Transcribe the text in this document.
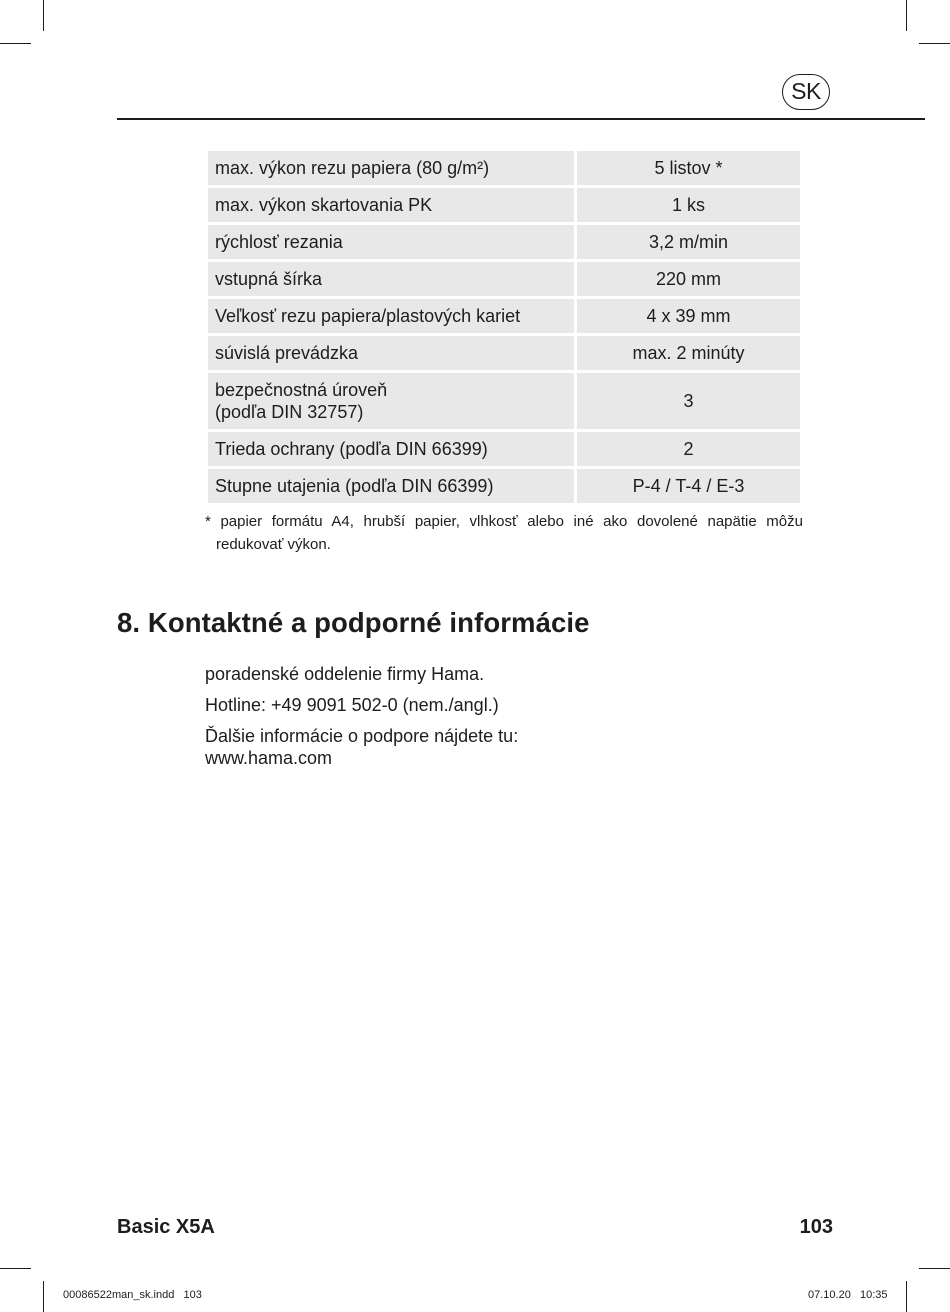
SK
max. výkon rezu papiera (80 g/m²)	5 listov *
max. výkon skartovania PK	1 ks
rýchlosť rezania	3,2 m/min
vstupná šírka	220 mm
Veľkosť rezu papiera/plastových kariet	4 x 39 mm
súvislá prevádzka	max. 2 minúty

bezpečnostná úroveň
(podľa DIN 32757)	3
Trieda ochrany (podľa DIN 66399)	2
Stupne utajenia (podľa DIN 66399)	P-4 / T-4 / E-3
* papier formátu A4, hrubší papier, vlhkosť alebo iné ako dovolené napätie môžu redukovať výkon.
8. Kontaktné a podporné informácie
poradenské oddelenie firmy Hama.
Hotline: +49 9091 502-0 (nem./angl.)
Ďalšie informácie o podpore nájdete tu:
www.hama.com
Basic X5A	103
00086522man_sk.indd   103	07.10.20   10:35
